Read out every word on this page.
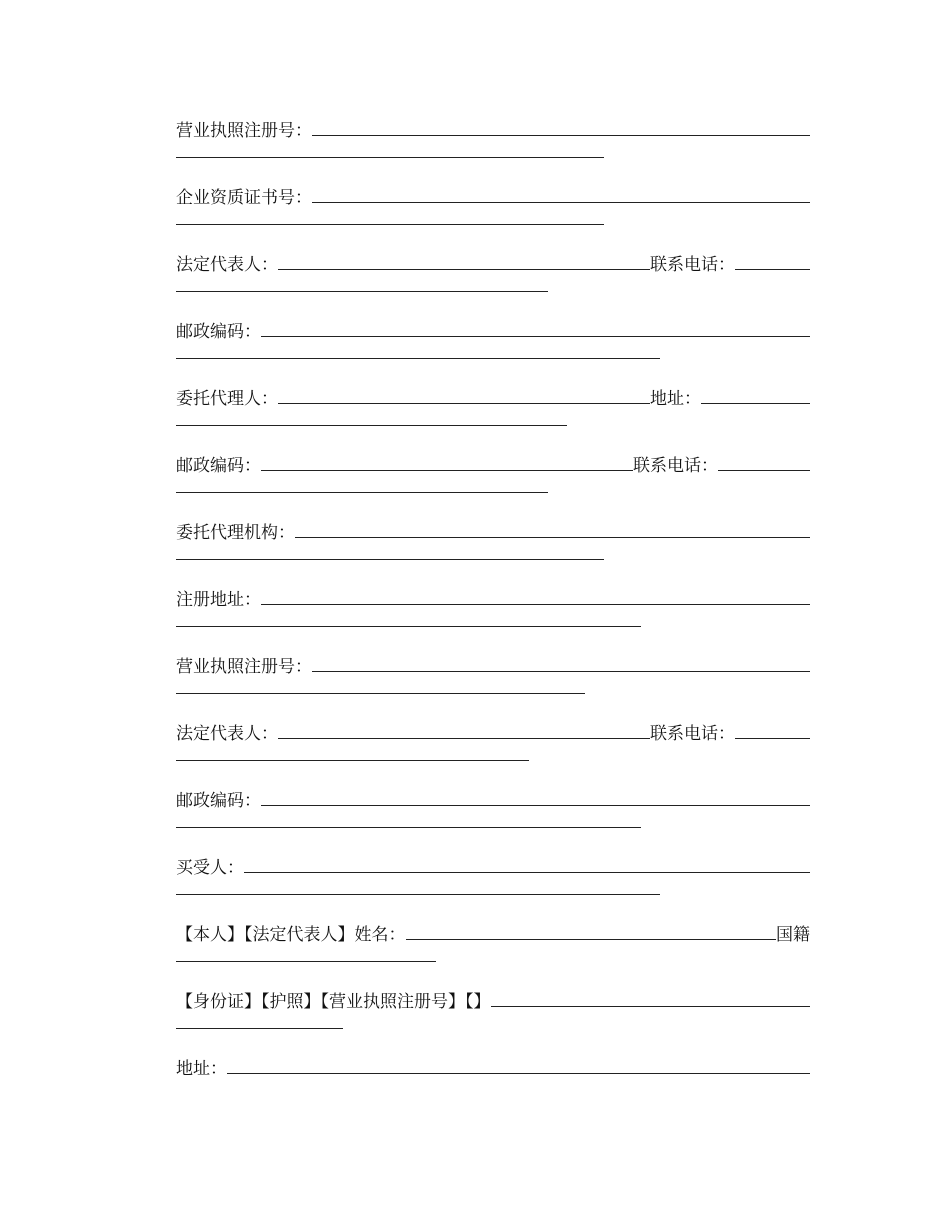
营业执照注册号：
企业资质证书号：
法定代表人：	联系电话：
邮政编码：
委托代理人：	地址：
邮政编码：	联系电话：
委托代理机构：
注册地址：
营业执照注册号：
法定代表人：	联系电话：
邮政编码：
买受人：
【本人】【法定代表人】姓名：	国籍
【身份证】【护照】【营业执照注册号】【】
地址：
